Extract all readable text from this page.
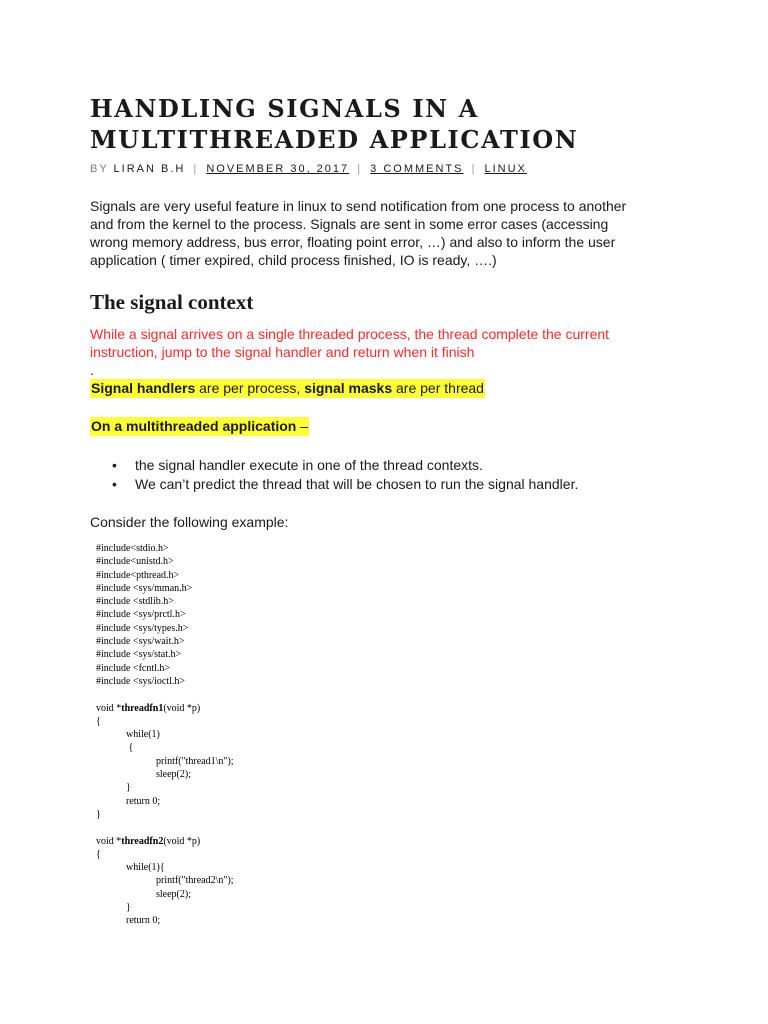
HANDLING SIGNALS IN A
MULTITHREADED APPLICATION
BY LIRAN B.H | NOVEMBER 30, 2017 | 3 COMMENTS | LINUX

Signals are very useful feature in linux to send notification from one process to another
and from the kernel to the process. Signals are sent in some error cases (accessing
wrong memory address, bus error, floating point error, …) and also to inform the user
application ( timer expired, child process finished, IO is ready, ….)

The signal context

While a signal arrives on a single threaded process, the thread complete the current
instruction, jump to the signal handler and return when it finish
.

Signal handlers are per process, signal masks are per thread
On a multithreaded application –
• the signal handler execute in one of the thread contexts.
• We can’t predict the thread that will be chosen to run the signal handler.

Consider the following example:

#include<stdio.h>
#include<unistd.h>
#include<pthread.h>
#include <sys/mman.h>
#include <stdlib.h>
#include <sys/prctl.h>
#include <sys/types.h>
#include <sys/wait.h>
#include <sys/stat.h>
#include <fcntl.h>
#include <sys/ioctl.h>
void *threadfn1(void *p)
{
while(1)
{
printf("thread1\n");
sleep(2);
}
return 0;
}
void *threadfn2(void *p)
{
while(1){
printf("thread2\n");
sleep(2);
}
return 0;
